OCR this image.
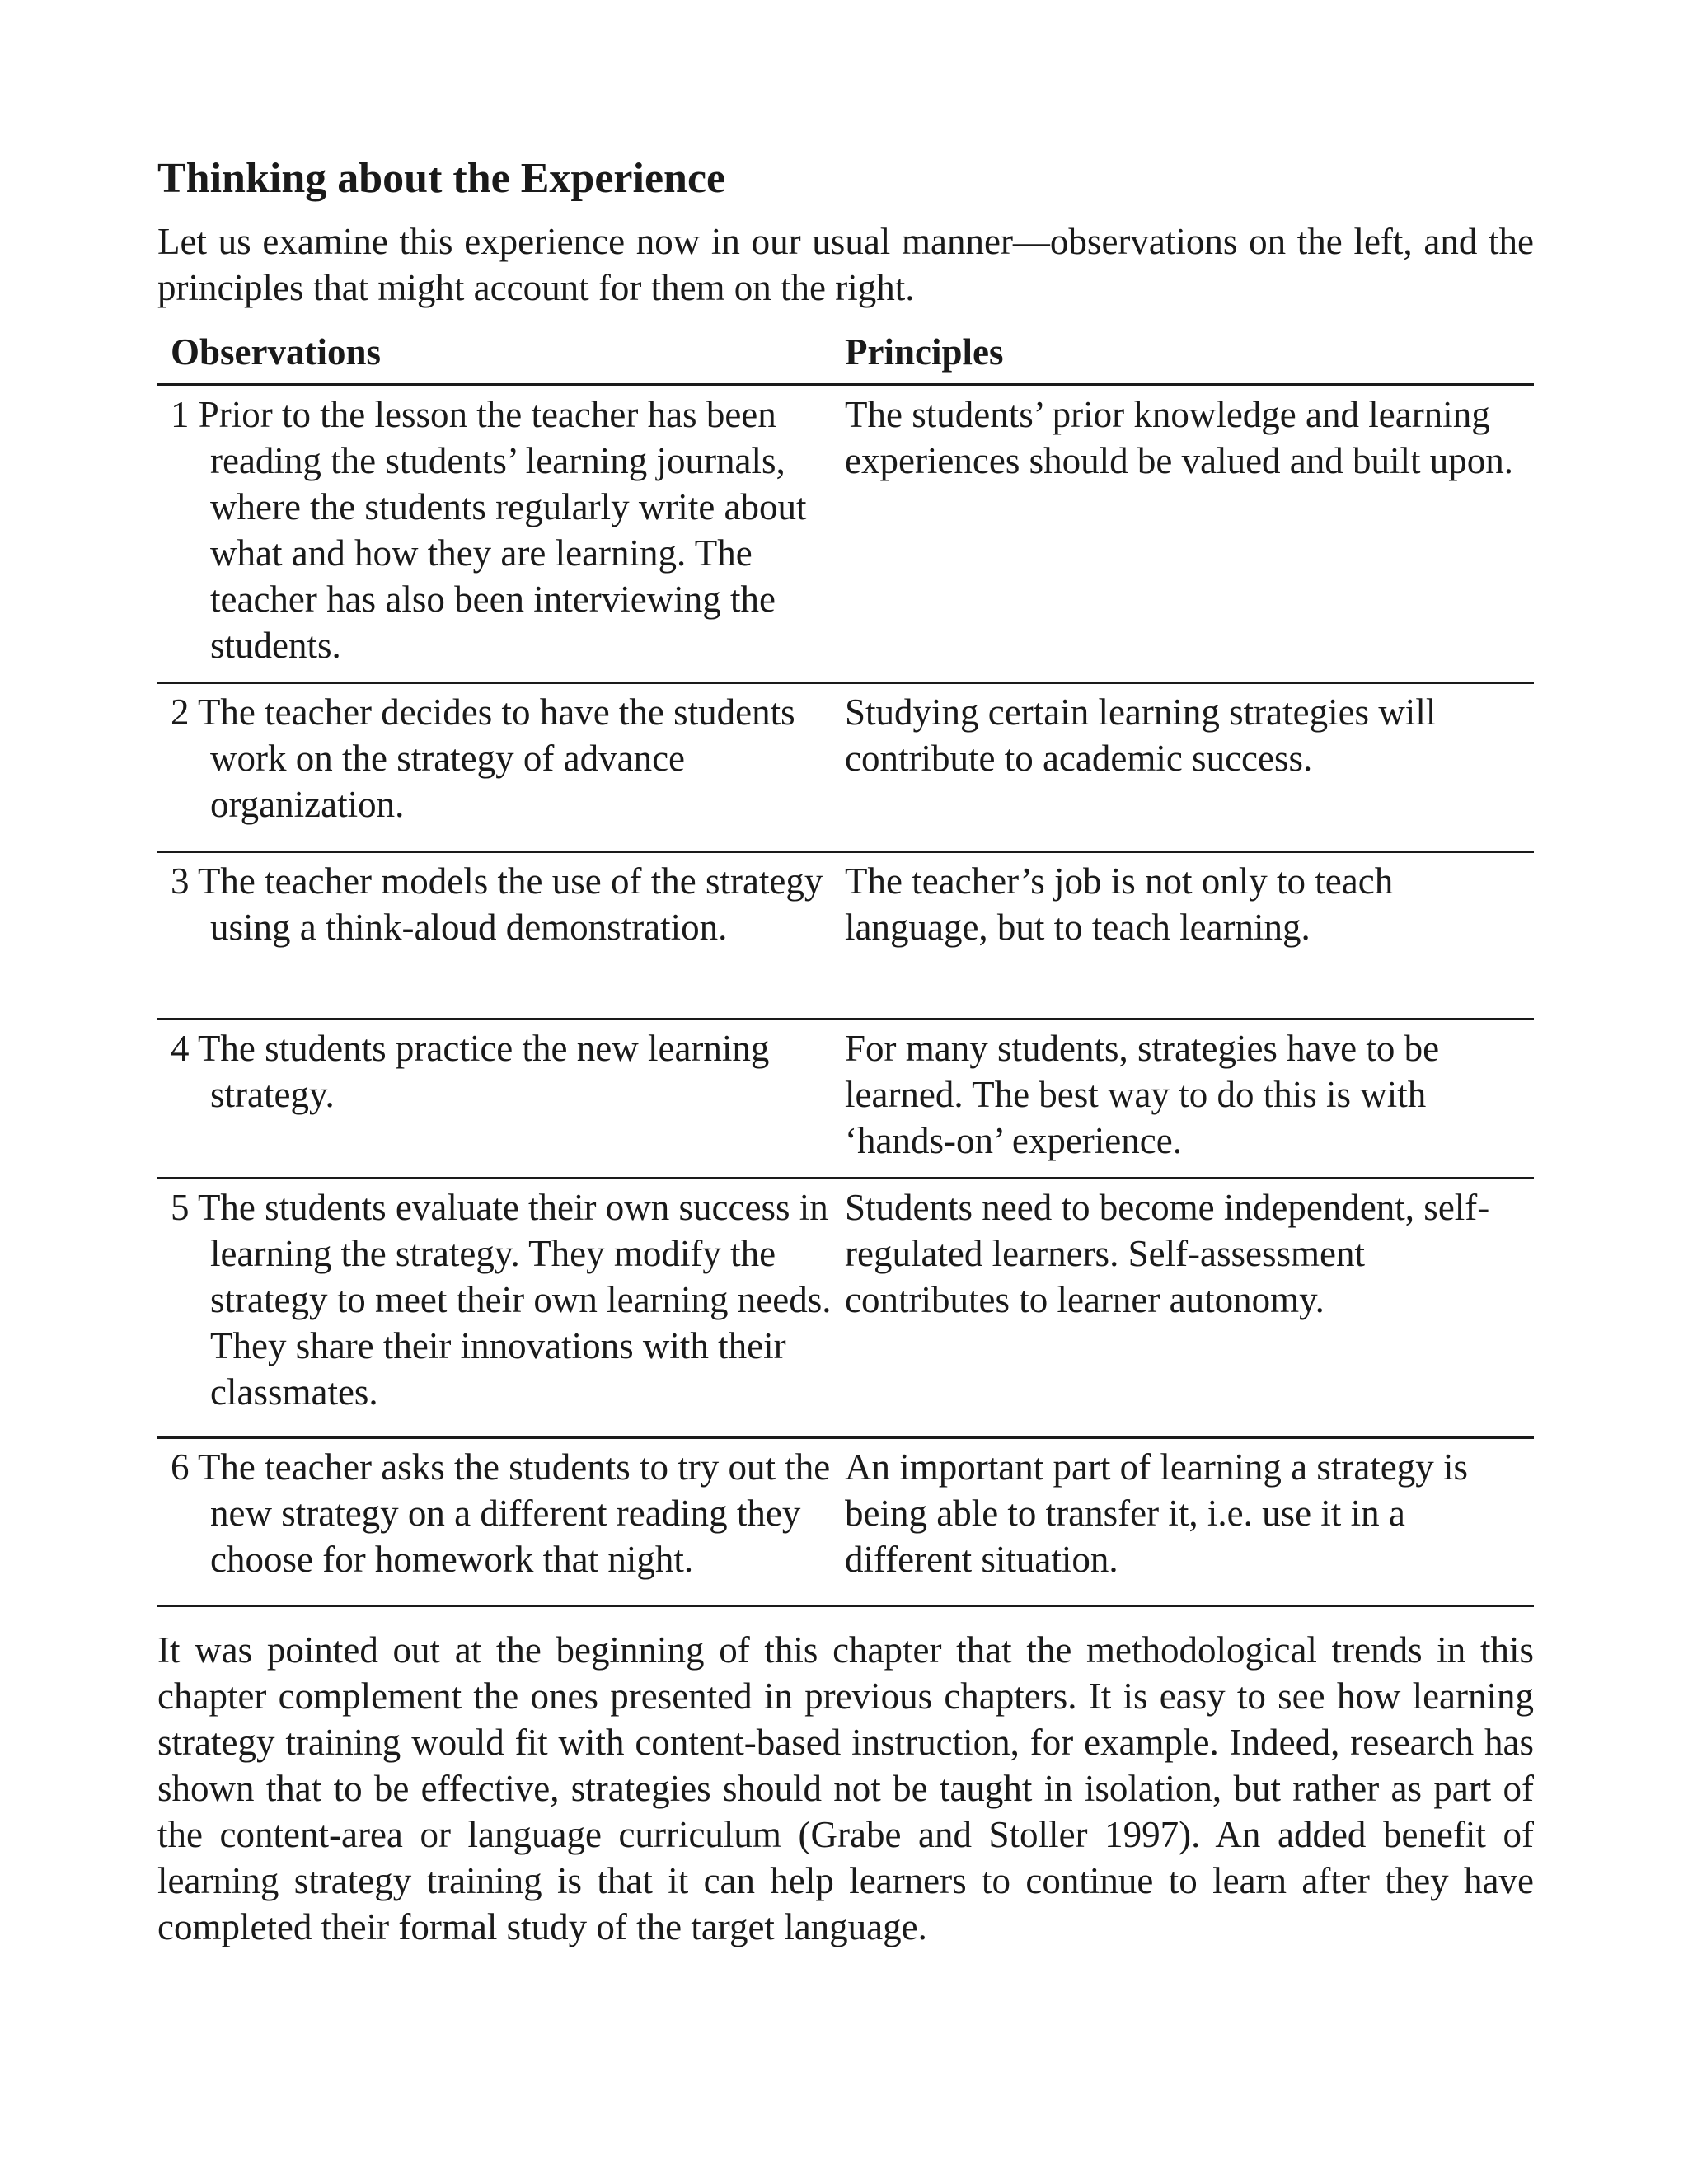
Thinking about the Experience

Let us examine this experience now in our usual manner—observations on the left, and the principles that might account for them on the right.

Observations	Principles
1 Prior to the lesson the teacher has been reading the students’ learning journals, where the students regularly write about what and how they are learning. The teacher has also been interviewing the students.
The students’ prior knowledge and learning experiences should be valued and built upon.
2 The teacher decides to have the students work on the strategy of advance organization.
Studying certain learning strategies will contribute to academic success.
3 The teacher models the use of the strategy using a think-aloud demonstration.
The teacher’s job is not only to teach language, but to teach learning.
4 The students practice the new learning strategy.
For many students, strategies have to be learned. The best way to do this is with ‘hands-on’ experience.
5 The students evaluate their own success in learning the strategy. They modify the strategy to meet their own learning needs. They share their innovations with their classmates.
Students need to become independent, self-regulated learners. Self-assessment contributes to learner autonomy.
6 The teacher asks the students to try out the new strategy on a different reading they choose for homework that night.
An important part of learning a strategy is being able to transfer it, i.e. use it in a different situation.

It was pointed out at the beginning of this chapter that the methodological trends in this chapter complement the ones presented in previous chapters. It is easy to see how learning strategy training would fit with content-based instruction, for example. Indeed, research has shown that to be effective, strategies should not be taught in isolation, but rather as part of the content-area or language curriculum (Grabe and Stoller 1997). An added benefit of learning strategy training is that it can help learners to continue to learn after they have completed their formal study of the target language.
